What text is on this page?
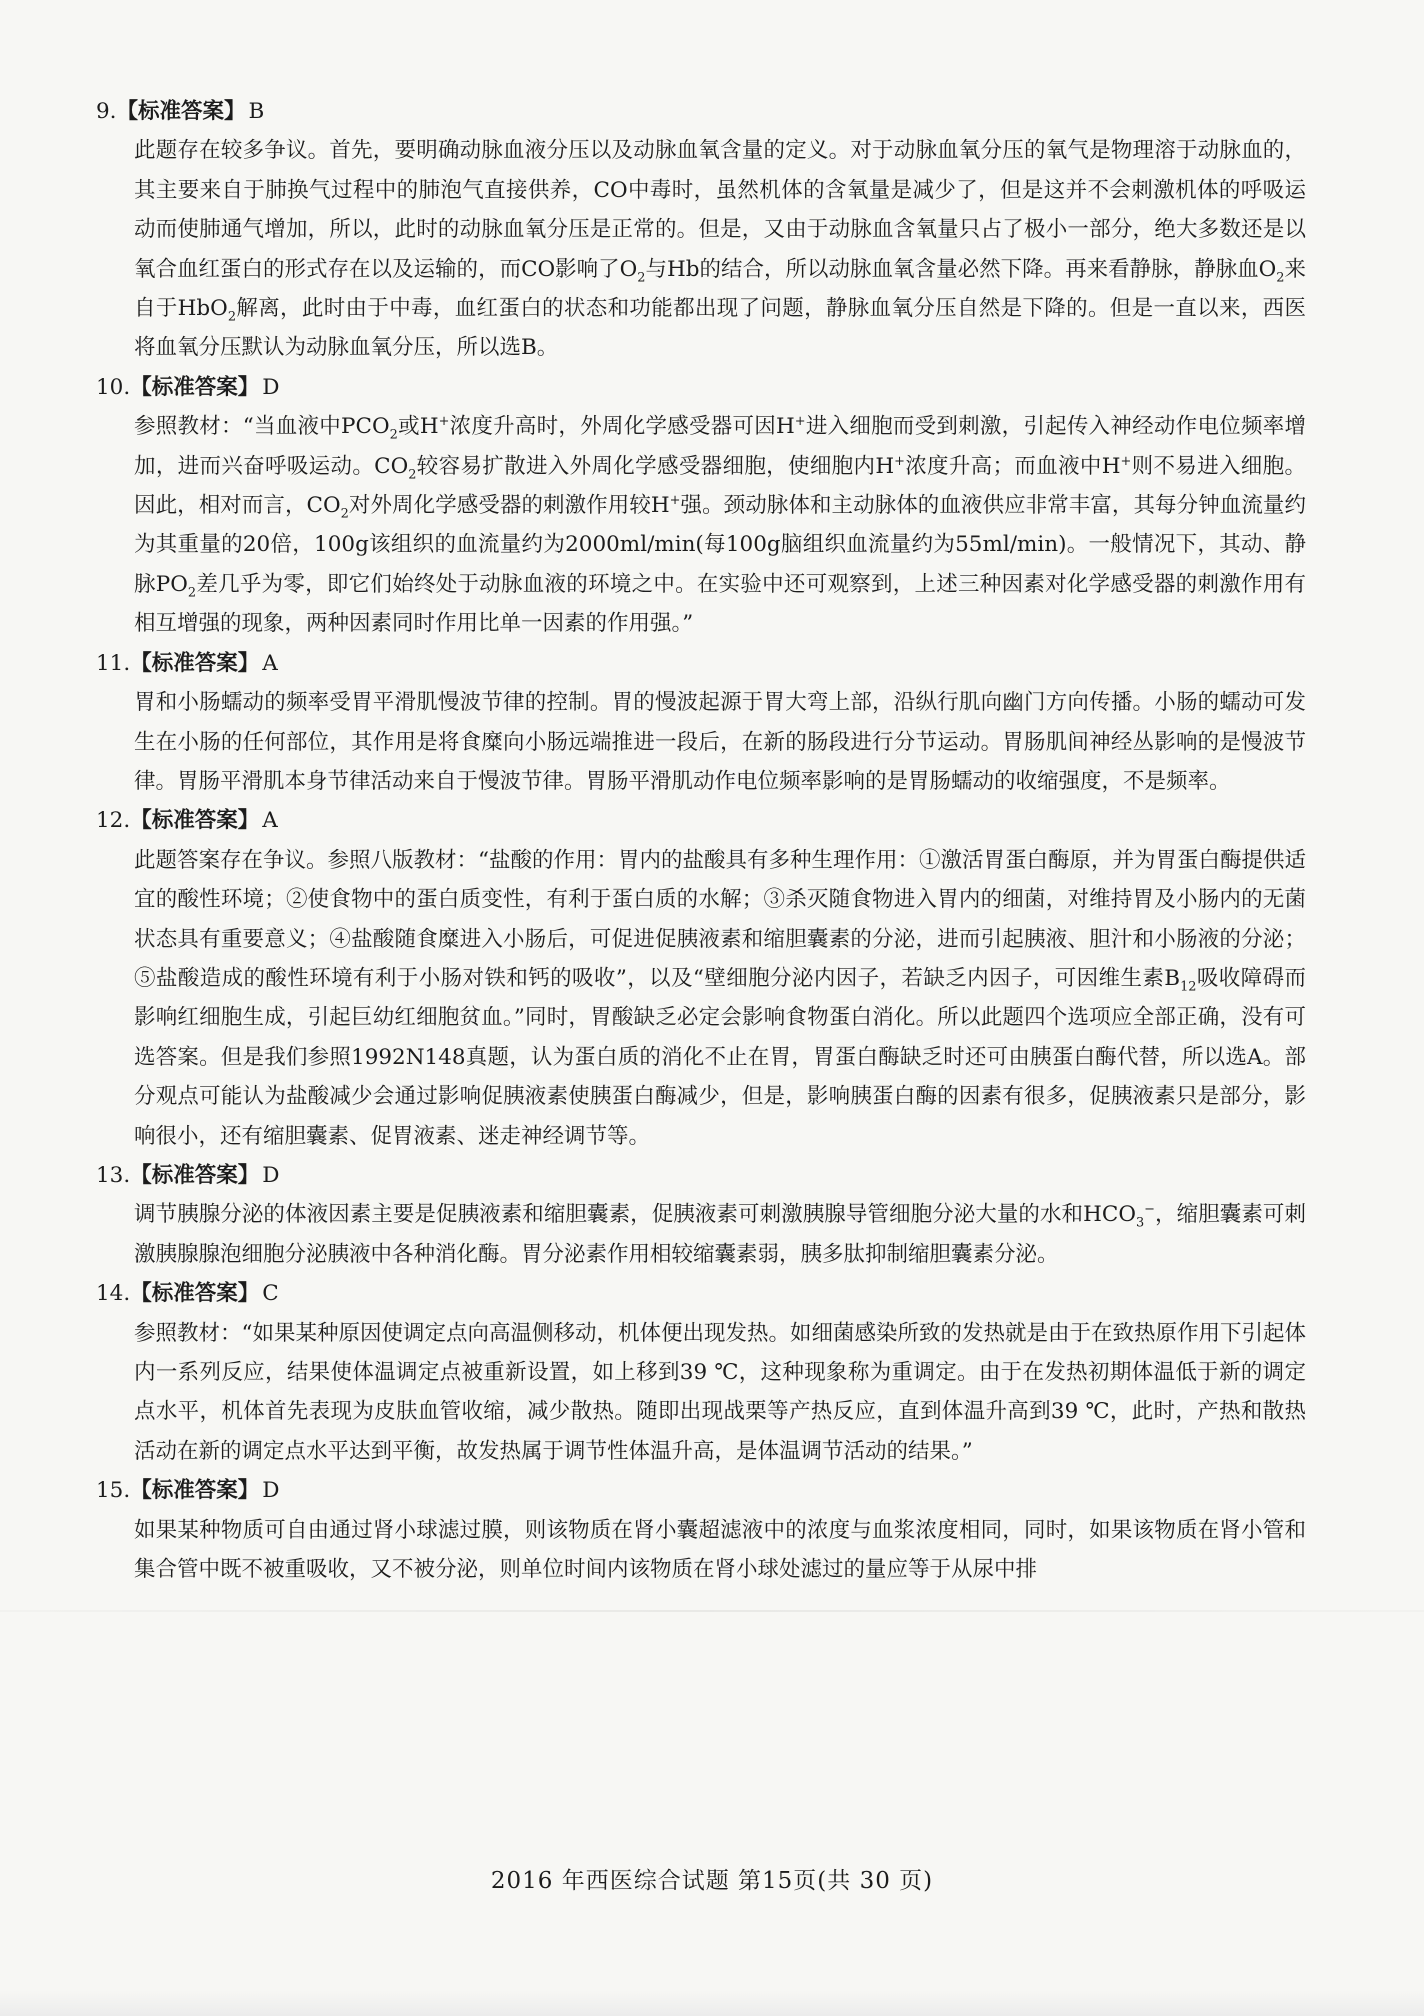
9.【标准答案】 B

此题存在较多争议。首先，要明确动脉血液分压以及动脉血氧含量的定义。对于动脉血氧分压的氧气是物理溶于动脉血的，其主要来自于肺换气过程中的肺泡气直接供养，CO中毒时，虽然机体的含氧量是减少了，但是这并不会刺激机体的呼吸运动而使肺通气增加，所以，此时的动脉血氧分压是正常的。但是，又由于动脉血含氧量只占了极小一部分，绝大多数还是以氧合血红蛋白的形式存在以及运输的，而CO影响了$O_2$与Hb的结合，所以动脉血氧含量必然下降。再来看静脉，静脉血$O_2$来自于HbO$_2$解离，此时由于中毒，血红蛋白的状态和功能都出现了问题，静脉血氧分压自然是下降的。但是一直以来，西医将血氧分压默认为动脉血氧分压，所以选B。

10.【标准答案】 D

参照教材：“当血液中$PCO_2$或H+浓度升高时，外周化学感受器可因H+进入细胞而受到刺激，引起传入神经动作电位频率增加，进而兴奋呼吸运动。$CO_2$较容易扩散进入外周化学感受器细胞，使细胞内H+浓度升高；而血液中H+则不易进入细胞。因此，相对而言，$CO_2$对外周化学感受器的刺激作用较H+强。颈动脉体和主动脉体的血液供应非常丰富，其每分钟血流量约为其重量的20倍，100g该组织的血流量约为2000ml/min(每100g脑组织血流量约为55ml/min)。一般情况下，其动、静脉$PO_2$差几乎为零，即它们始终处于动脉血液的环境之中。在实验中还可观察到，上述三种因素对化学感受器的刺激作用有相互增强的现象，两种因素同时作用比单一因素的作用强。”

11.【标准答案】 A

胃和小肠蠕动的频率受胃平滑肌慢波节律的控制。胃的慢波起源于胃大弯上部，沿纵行肌向幽门方向传播。小肠的蠕动可发生在小肠的任何部位，其作用是将食糜向小肠远端推进一段后，在新的肠段进行分节运动。胃肠肌间神经丛影响的是慢波节律。胃肠平滑肌本身节律活动来自于慢波节律。胃肠平滑肌动作电位频率影响的是胃肠蠕动的收缩强度，不是频率。

12.【标准答案】 A

此题答案存在争议。参照八版教材：“盐酸的作用：胃内的盐酸具有多种生理作用：①激活胃蛋白酶原，并为胃蛋白酶提供适宜的酸性环境；②使食物中的蛋白质变性，有利于蛋白质的水解；③杀灭随食物进入胃内的细菌，对维持胃及小肠内的无菌状态具有重要意义；④盐酸随食糜进入小肠后，可促进促胰液素和缩胆囊素的分泌，进而引起胰液、胆汁和小肠液的分泌；⑤盐酸造成的酸性环境有利于小肠对铁和钙的吸收”，以及“壁细胞分泌内因子，若缺乏内因子，可因维生素$B_{12}$吸收障碍而影响红细胞生成，引起巨幼红细胞贫血。”同时，胃酸缺乏必定会影响食物蛋白消化。所以此题四个选项应全部正确，没有可选答案。但是我们参照1992N148真题，认为蛋白质的消化不止在胃，胃蛋白酶缺乏时还可由胰蛋白酶代替，所以选A。部分观点可能认为盐酸减少会通过影响促胰液素使胰蛋白酶减少，但是，影响胰蛋白酶的因素有很多，促胰液素只是部分，影响很小，还有缩胆囊素、促胃液素、迷走神经调节等。

13.【标准答案】 D

调节胰腺分泌的体液因素主要是促胰液素和缩胆囊素，促胰液素可刺激胰腺导管细胞分泌大量的水和$HCO_3^-$，缩胆囊素可刺激胰腺腺泡细胞分泌胰液中各种消化酶。胃分泌素作用相较缩囊素弱，胰多肽抑制缩胆囊素分泌。

14.【标准答案】 C

参照教材：“如果某种原因使调定点向高温侧移动，机体便出现发热。如细菌感染所致的发热就是由于在致热原作用下引起体内一系列反应，结果使体温调定点被重新设置，如上移到39 ℃，这种现象称为重调定。由于在发热初期体温低于新的调定点水平，机体首先表现为皮肤血管收缩，减少散热。随即出现战栗等产热反应，直到体温升高到39 ℃，此时，产热和散热活动在新的调定点水平达到平衡，故发热属于调节性体温升高，是体温调节活动的结果。”

15.【标准答案】 D

如果某种物质可自由通过肾小球滤过膜，则该物质在肾小囊超滤液中的浓度与血浆浓度相同，同时，如果该物质在肾小管和集合管中既不被重吸收，又不被分泌，则单位时间内该物质在肾小球处滤过的量应等于从尿中排

2016 年西医综合试题 第15页(共 30 页)
